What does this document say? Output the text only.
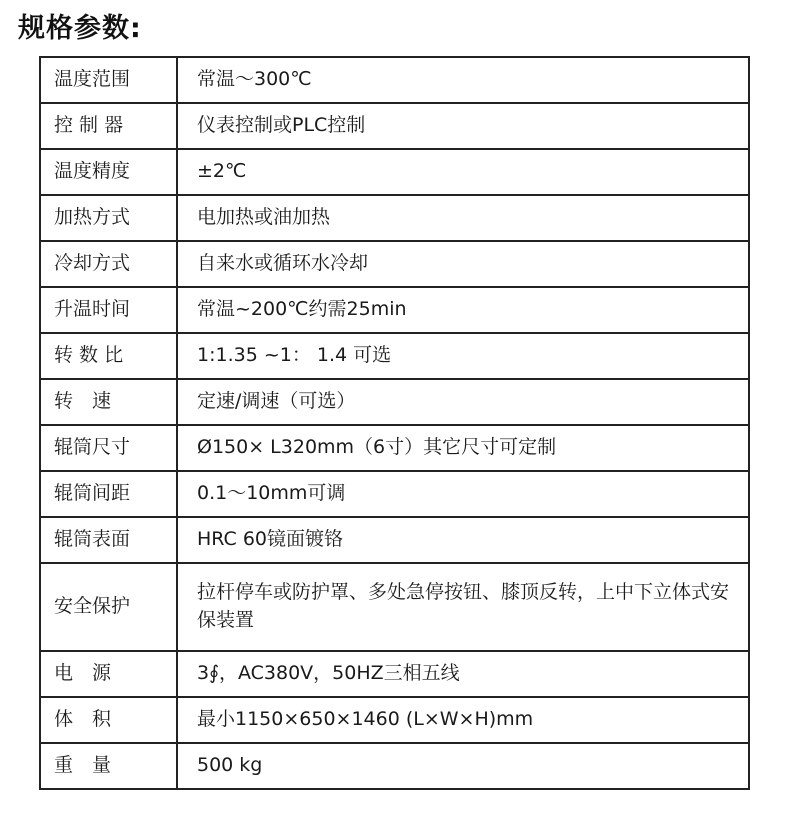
规格参数:
温度范围	常温～300℃
控 制 器	仪表控制或PLC控制
温度精度	±2℃
加热方式	电加热或油加热
冷却方式	自来水或循环水冷却
升温时间	常温~200℃约需25min
转 数 比	1:1.35 ~1： 1.4 可选
转　速	定速/调速（可选）
辊筒尺寸	Ø150× L320mm（6寸）其它尺寸可定制
辊筒间距	0.1～10mm可调
辊筒表面	HRC 60镜面镀铬
安全保护	拉杆停车或防护罩、多处急停按钮、膝顶反转，上中下立体式安保装置
电　源	3∮，AC380V，50HZ三相五线
体　积	最小1150×650×1460 (L×W×H)mm
重　量	500 kg
